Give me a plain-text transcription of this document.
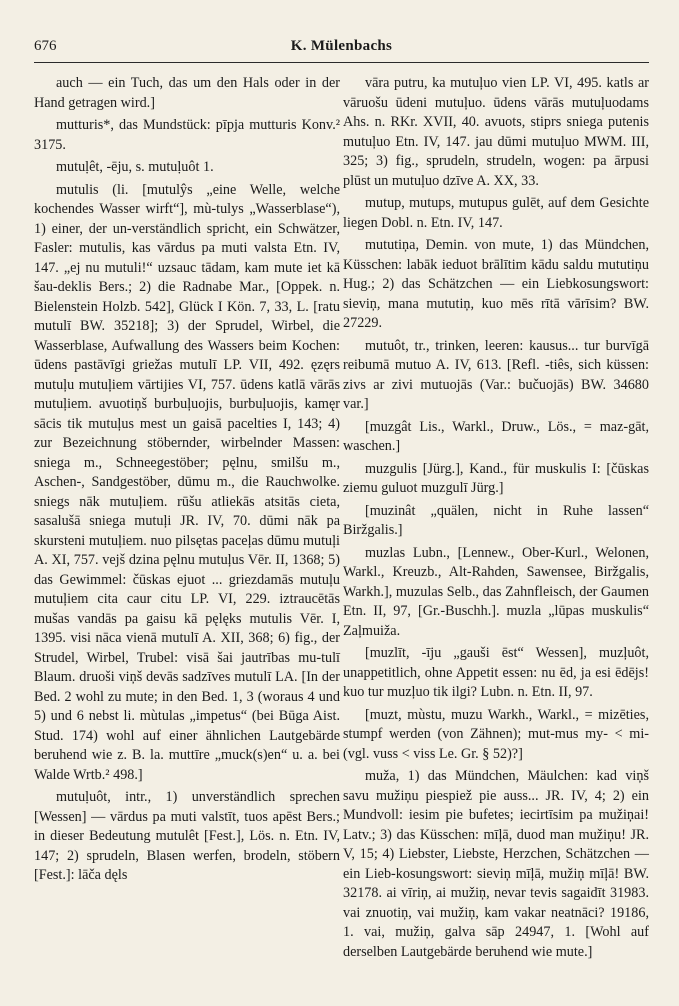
676	K. Mülenbachs

auch — ein Tuch, das um den Hals oder in der Hand getragen wird.]

mutturis*, das Mundstück: pīpja mutturis Konv.² 3175.

mutuḷêt, -ēju, s. mutuḷuôt 1.

mutulis (li. [mutulŷs „eine Welle, welche kochendes Wasser wirft“], mù-tulys „Wasserblase“), 1) einer, der un-verständlich spricht, ein Schwätzer, Fasler: mutulis, kas vārdus pa muti valsta Etn. IV, 147. „ej nu mutuli!“ uzsauc tādam, kam mute iet kā šau-deklis Bers.; 2) die Radnabe Mar., [Oppek. n. Bielenstein Holzb. 542], Glück I Kön. 7, 33, L. [ratu mutulī BW. 35218]; 3) der Sprudel, Wirbel, die Wasserblase, Aufwallung des Wassers beim Kochen: ūdens pastāvīgi griežas mutulī LP. VII, 492. ęzęrs mutuļu mutuļiem vārtijies VI, 757. ūdens katlā vārās mutuļiem. avuotiņš burbuļuojis, burbuļuojis, kamęr sācis tik mutuļus mest un gaisā pacelties I, 143; 4) zur Bezeichnung stöbernder, wirbelnder Massen: sniega m., Schneegestöber; pęlnu, smilšu m., Aschen-, Sandgestöber, dūmu m., die Rauchwolke. sniegs nāk mutuļiem. rūšu atliekās atsitās cieta, sasalušā sniega mutuļi JR. IV, 70. dūmi nāk pa skursteni mutuļiem. nuo pilsętas paceļas dūmu mutuļi A. XI, 757. vejš dzina pęlnu mutuļus Vēr. II, 1368; 5) das Gewimmel: čūskas ejuot ... griezdamās mutuļu mutuļiem cita caur citu LP. VI, 229. iztraucētās mušas vandās pa gaisu kā pęlęks mutulis Vēr. I, 1395. visi nāca vienā mutulī A. XII, 368; 6) fig., der Strudel, Wirbel, Trubel: visā šai jautrības mu-tulī Blaum. druoši viņš devās sadzīves mutulī LA. [In der Bed. 2 wohl zu mute; in den Bed. 1, 3 (woraus 4 und 5) und 6 nebst li. mùtulas „impetus“ (bei Būga Aist. Stud. 174) wohl auf einer ähnlichen Lautgebärde beruhend wie z. B. la. muttīre „muck(s)en“ u. a. bei Walde Wrtb.² 498.]

mutuḷuôt, intr., 1) unverständlich sprechen [Wessen] — vārdus pa muti valstīt, tuos apēst Bers.; in dieser Bedeutung mutulêt [Fest.], Lös. n. Etn. IV, 147; 2) sprudeln, Blasen werfen, brodeln, stöbern [Fest.]: lāča dęls

vāra putru, ka mutuļuo vien LP. VI, 495. katls ar vāruošu ūdeni mutuļuo. ūdens vārās mutuļuodams Ahs. n. RKr. XVII, 40. avuots, stiprs sniega putenis mutuļuo Etn. IV, 147. jau dūmi mutuļuo MWM. III, 325; 3) fig., sprudeln, strudeln, wogen: pa ārpusi plūst un mutuļuo dzīve A. XX, 33.

mutup, mutups, mutupus gulēt, auf dem Gesichte liegen Dobl. n. Etn. IV, 147.

mututiņa, Demin. von mute, 1) das Mündchen, Küsschen: labāk ieduot brālītim kādu saldu mututiņu Hug.; 2) das Schätzchen — ein Liebkosungswort: sieviņ, mana mututiņ, kuo mēs rītā vārīsim? BW. 27229.

mutuôt, tr., trinken, leeren: kausus... tur burvīgā reibumā mutuo A. IV, 613. [Refl. -tiês, sich küssen: zivs ar zivi mutuojās (Var.: bučuojās) BW. 34680 var.]

[muzgât Lis., Warkl., Druw., Lös., = maz-gāt, waschen.]

muzgulis [Jürg.], Kand., für muskulis I: [čūskas ziemu guluot muzgulī Jürg.]

[muzinât „quälen, nicht in Ruhe lassen“ Biržgalis.]

muzlas Lubn., [Lennew., Ober-Kurl., Welonen, Warkl., Kreuzb., Alt-Rahden, Sawensee, Biržgalis, Warkh.], muzulas Selb., das Zahnfleisch, der Gaumen Etn. II, 97, [Gr.-Buschh.]. muzla „lūpas muskulis“ Zaļmuiža.

[muzlīt, -īju „gauši ēst“ Wessen], muzļuôt, unappetitlich, ohne Appetit essen: nu ēd, ja esi ēdējs! kuo tur muzļuo tik ilgi? Lubn. n. Etn. II, 97.

[muzt, mùstu, muzu Warkh., Warkl., = mizēties, stumpf werden (von Zähnen); mut-mus my- < mi- (vgl. vuss < viss Le. Gr. § 52)?]

muža, 1) das Mündchen, Mäulchen: kad viņš savu mužiņu piespiež pie auss... JR. IV, 4; 2) ein Mundvoll: iesim pie bufetes; iecirtīsim pa mužiņai! Latv.; 3) das Küsschen: mīļā, duod man mužiņu! JR. V, 15; 4) Liebster, Liebste, Herzchen, Schätzchen — ein Lieb-kosungswort: sieviņ mīļā, mužiņ mīļā! BW. 32178. ai vīriņ, ai mužiņ, nevar tevis sagaidīt 31983. vai znuotiņ, vai mužiņ, kam vakar neatnāci? 19186, 1. vai, mužiņ, galva sāp 24947, 1. [Wohl auf derselben Lautgebärde beruhend wie mute.]
